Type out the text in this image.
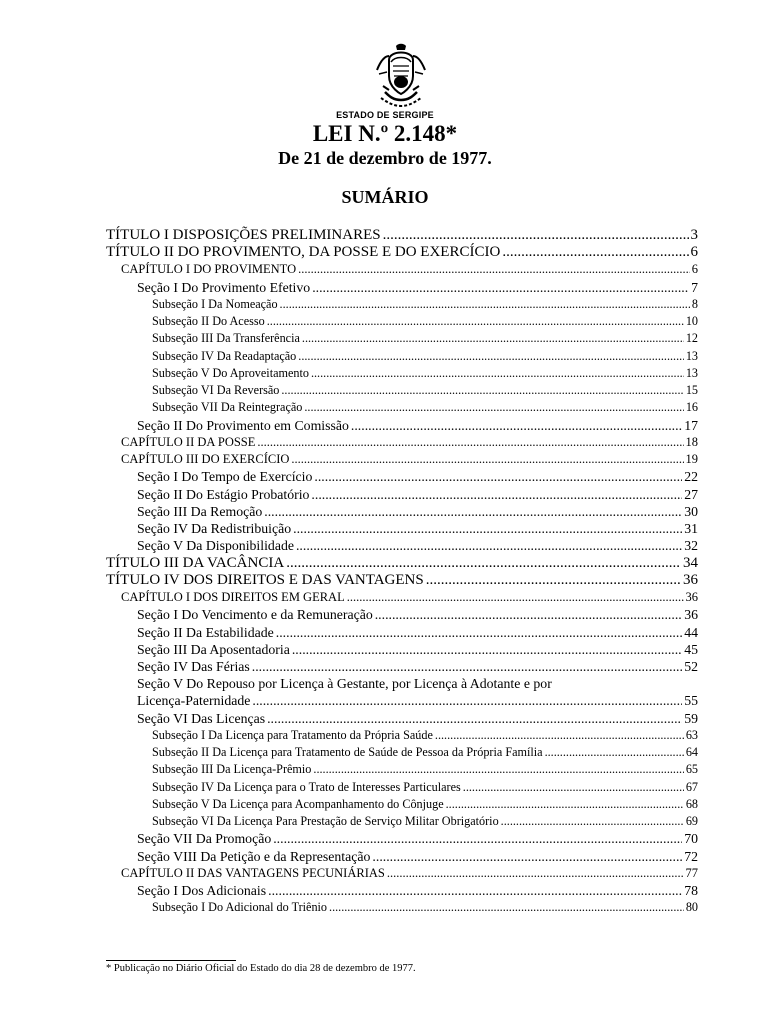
ESTADO DE SERGIPE
LEI N.º 2.148*
De 21 de dezembro de 1977.
SUMÁRIO
TÍTULO I DISPOSIÇÕES PRELIMINARES .....	3
TÍTULO II DO PROVIMENTO, DA POSSE E DO EXERCÍCIO .....	6
CAPÍTULO I DO PROVIMENTO .....	6
Seção I Do Provimento Efetivo .....	7
Subseção I Da Nomeação .....	8
Subseção II Do Acesso .....	10
Subseção III Da Transferência .....	12
Subseção IV Da Readaptação .....	13
Subseção V Do Aproveitamento .....	13
Subseção VI Da Reversão .....	15
Subseção VII Da Reintegração .....	16
Seção II Do Provimento em Comissão .....	17
CAPÍTULO II DA POSSE .....	18
CAPÍTULO III DO EXERCÍCIO .....	19
Seção I Do Tempo de Exercício .....	22
Seção II Do Estágio Probatório .....	27
Seção III Da Remoção .....	30
Seção IV Da Redistribuição .....	31
Seção V Da Disponibilidade .....	32
TÍTULO III DA VACÂNCIA .....	34
TÍTULO IV DOS DIREITOS E DAS VANTAGENS .....	36
CAPÍTULO I DOS DIREITOS EM GERAL .....	36
Seção I Do Vencimento e da Remuneração .....	36
Seção II Da Estabilidade .....	44
Seção III Da Aposentadoria .....	45
Seção IV Das Férias .....	52
Seção V Do Repouso por Licença à Gestante, por Licença à Adotante e por
Licença-Paternidade .....	55
Seção VI Das Licenças .....	59
Subseção I Da Licença para Tratamento da Própria Saúde .....	63
Subseção II Da Licença para Tratamento de Saúde de Pessoa da Própria Família .....	64
Subseção III Da Licença-Prêmio .....	65
Subseção IV Da Licença para o Trato de Interesses Particulares .....	67
Subseção V Da Licença para Acompanhamento do Cônjuge .....	68
Subseção VI Da Licença Para Prestação de Serviço Militar Obrigatório .....	69
Seção VII Da Promoção .....	70
Seção VIII Da Petição e da Representação .....	72
CAPÍTULO II DAS VANTAGENS PECUNIÁRIAS .....	77
Seção I Dos Adicionais .....	78
Subseção I Do Adicional do Triênio .....	80
* Publicação no Diário Oficial do Estado do dia 28 de dezembro de 1977.
